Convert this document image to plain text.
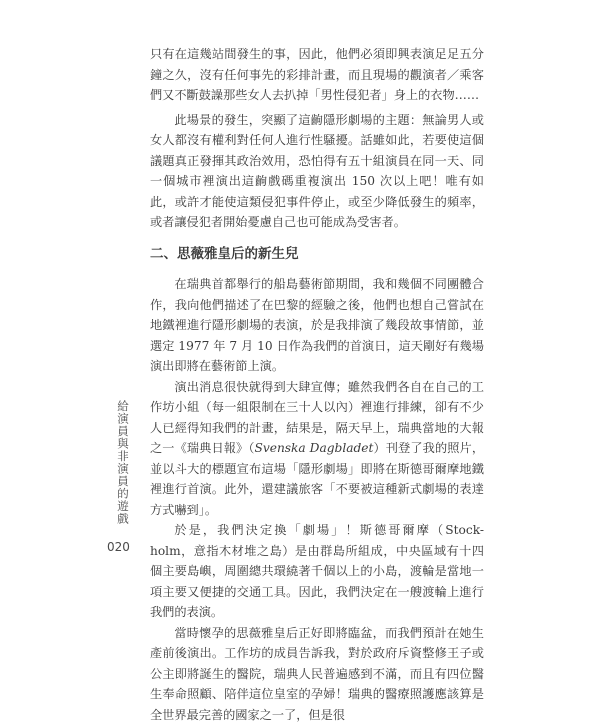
只有在這幾站間發生的事，因此，他們必須即興表演足足五分鐘之久，沒有任何事先的彩排計畫，而且現場的觀演者／乘客們又不斷鼓譟那些女人去扒掉「男性侵犯者」身上的衣物……

此場景的發生，突顯了這齣隱形劇場的主題：無論男人或女人都沒有權利對任何人進行性騷擾。話雖如此，若要使這個議題真正發揮其政治效用，恐怕得有五十組演員在同一天、同一個城市裡演出這齣戲碼重複演出 150 次以上吧！唯有如此，或許才能使這類侵犯事件停止，或至少降低發生的頻率，或者讓侵犯者開始憂慮自己也可能成為受害者。

二、思薇雅皇后的新生兒

在瑞典首都舉行的船島藝術節期間，我和幾個不同團體合作，我向他們描述了在巴黎的經驗之後，他們也想自己嘗試在地鐵裡進行隱形劇場的表演，於是我排演了幾段故事情節，並選定 1977 年 7 月 10 日作為我們的首演日，這天剛好有幾場演出即將在藝術節上演。

演出消息很快就得到大肆宣傳；雖然我們各自在自己的工作坊小組（每一組限制在三十人以內）裡進行排練，卻有不少人已經得知我們的計畫，結果是，隔天早上，瑞典當地的大報之一《瑞典日報》（Svenska Dagbladet）刊登了我的照片，並以斗大的標題宣布這場「隱形劇場」即將在斯德哥爾摩地鐵裡進行首演。此外，還建議旅客「不要被這種新式劇場的表達方式嚇到」。

於是，我們決定換「劇場」！斯德哥爾摩（Stock-holm，意指木材堆之島）是由群島所組成，中央區域有十四個主要島嶼，周圍總共環繞著千個以上的小島，渡輪是當地一項主要又便捷的交通工具。因此，我們決定在一艘渡輪上進行我們的表演。

當時懷孕的思薇雅皇后正好即將臨盆，而我們預計在她生產前後演出。工作坊的成員告訴我，對於政府斥資整修王子或公主即將誕生的醫院，瑞典人民普遍感到不滿，而且有四位醫生奉命照顧、陪伴這位皇室的孕婦！瑞典的醫療照護應該算是全世界最完善的國家之一了，但是很

給演員與非演員的遊戲
020
